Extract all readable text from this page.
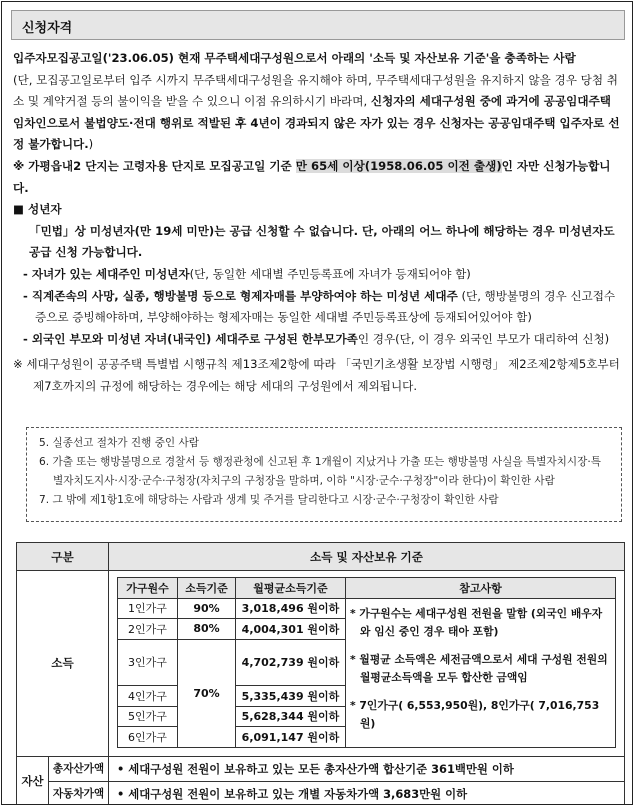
신청자격

입주자모집공고일('23.06.05) 현재 무주택세대구성원으로서 아래의 '소득 및 자산보유 기준'을 충족하는 사람

(단, 모집공고일로부터 입주 시까지 무주택세대구성원을 유지해야 하며, 무주택세대구성원을 유지하지 않을 경우 당첨 취소 및 계약거절 등의 불이익을 받을 수 있으니 이점 유의하시기 바라며, 신청자의 세대구성원 중에 과거에 공공임대주택 임차인으로서 불법양도·전대 행위로 적발된 후 4년이 경과되지 않은 자가 있는 경우 신청자는 공공임대주택 입주자로 선정 불가합니다.)

※ 가평읍내2 단지는 고령자용 단지로 모집공고일 기준 만 65세 이상(1958.06.05 이전 출생)인 자만 신청가능합니다.

■ 성년자

「민법」상 미성년자(만 19세 미만)는 공급 신청할 수 없습니다. 단, 아래의 어느 하나에 해당하는 경우 미성년자도 공급 신청 가능합니다.

- 자녀가 있는 세대주인 미성년자(단, 동일한 세대별 주민등록표에 자녀가 등재되어야 함)

- 직계존속의 사망, 실종, 행방불명 등으로 형제자매를 부양하여야 하는 미성년 세대주 (단, 행방불명의 경우 신고접수증으로 증빙해야하며, 부양해야하는 형제자매는 동일한 세대별 주민등록표상에 등재되어있어야 함)

- 외국인 부모와 미성년 자녀(내국인) 세대주로 구성된 한부모가족인 경우(단, 이 경우 외국인 부모가 대리하여 신청)

※ 세대구성원이 공공주택 특별법 시행규칙 제13조제2항에 따라 「국민기초생활 보장법 시행령」 제2조제2항제5호부터 제7호까지의 규정에 해당하는 경우에는 해당 세대의 구성원에서 제외됩니다.

5. 실종선고 절차가 진행 중인 사람
6. 가출 또는 행방불명으로 경찰서 등 행정관청에 신고된 후 1개월이 지났거나 가출 또는 행방불명 사실을 특별자치시장·특별자치도지사·시장·군수·구청장(자치구의 구청장을 말하며, 이하 "시장·군수·구청장"이라 한다)이 확인한 사람
7. 그 밖에 제1항1호에 해당하는 사람과 생계 및 주거를 달리한다고 시장·군수·구청장이 확인한 사람
구분	소득 및 자산보유 기준
소득	
가구원수	소득기준	월평균소득기준	참고사항
1인가구	90%	3,018,496 원이하	* 가구원수는 세대구성원 전원을 말함 (외국인 배우자와 임신 중인 경우 태아 포함)
* 월평균 소득액은 세전금액으로서 세대 구성원 전원의 월평균소득액을 모두 합산한 금액임
* 7인가구( 6,553,950원), 8인가구( 7,016,753원)

2인가구	80%	4,004,301 원이하
3인가구	70%	4,702,739 원이하
4인가구	5,335,439 원이하
5인가구	5,628,344 원이하
6인가구	6,091,147 원이하

자산	총자산가액	• 세대구성원 전원이 보유하고 있는 모든 총자산가액 합산기준 361백만원 이하
자동차가액	• 세대구성원 전원이 보유하고 있는 개별 자동차가액 3,683만원 이하
